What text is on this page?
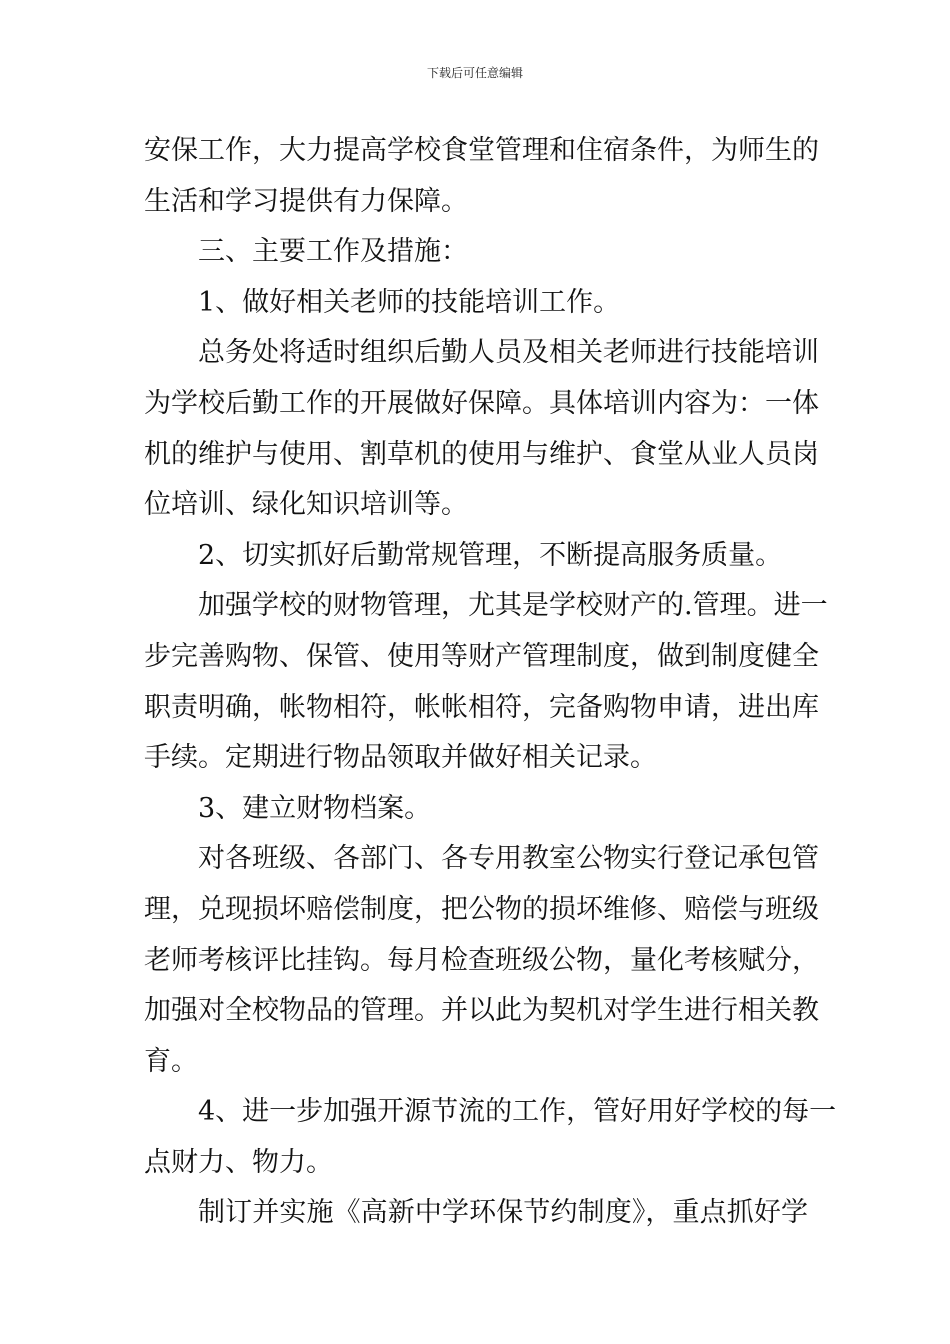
下载后可任意编辑
安保工作，大力提高学校食堂管理和住宿条件，为师生的
生活和学习提供有力保障。
三、主要工作及措施：
1、做好相关老师的技能培训工作。
总务处将适时组织后勤人员及相关老师进行技能培训
为学校后勤工作的开展做好保障。具体培训内容为：一体
机的维护与使用、割草机的使用与维护、食堂从业人员岗
位培训、绿化知识培训等。
2、切实抓好后勤常规管理，不断提高服务质量。
加强学校的财物管理，尤其是学校财产的.管理。进一
步完善购物、保管、使用等财产管理制度，做到制度健全
职责明确，帐物相符，帐帐相符，完备购物申请，进出库
手续。定期进行物品领取并做好相关记录。
3、建立财物档案。
对各班级、各部门、各专用教室公物实行登记承包管
理，兑现损坏赔偿制度，把公物的损坏维修、赔偿与班级
老师考核评比挂钩。每月检查班级公物，量化考核赋分，
加强对全校物品的管理。并以此为契机对学生进行相关教
育。
4、进一步加强开源节流的工作，管好用好学校的每一
点财力、物力。
制订并实施《高新中学环保节约制度》，重点抓好学
